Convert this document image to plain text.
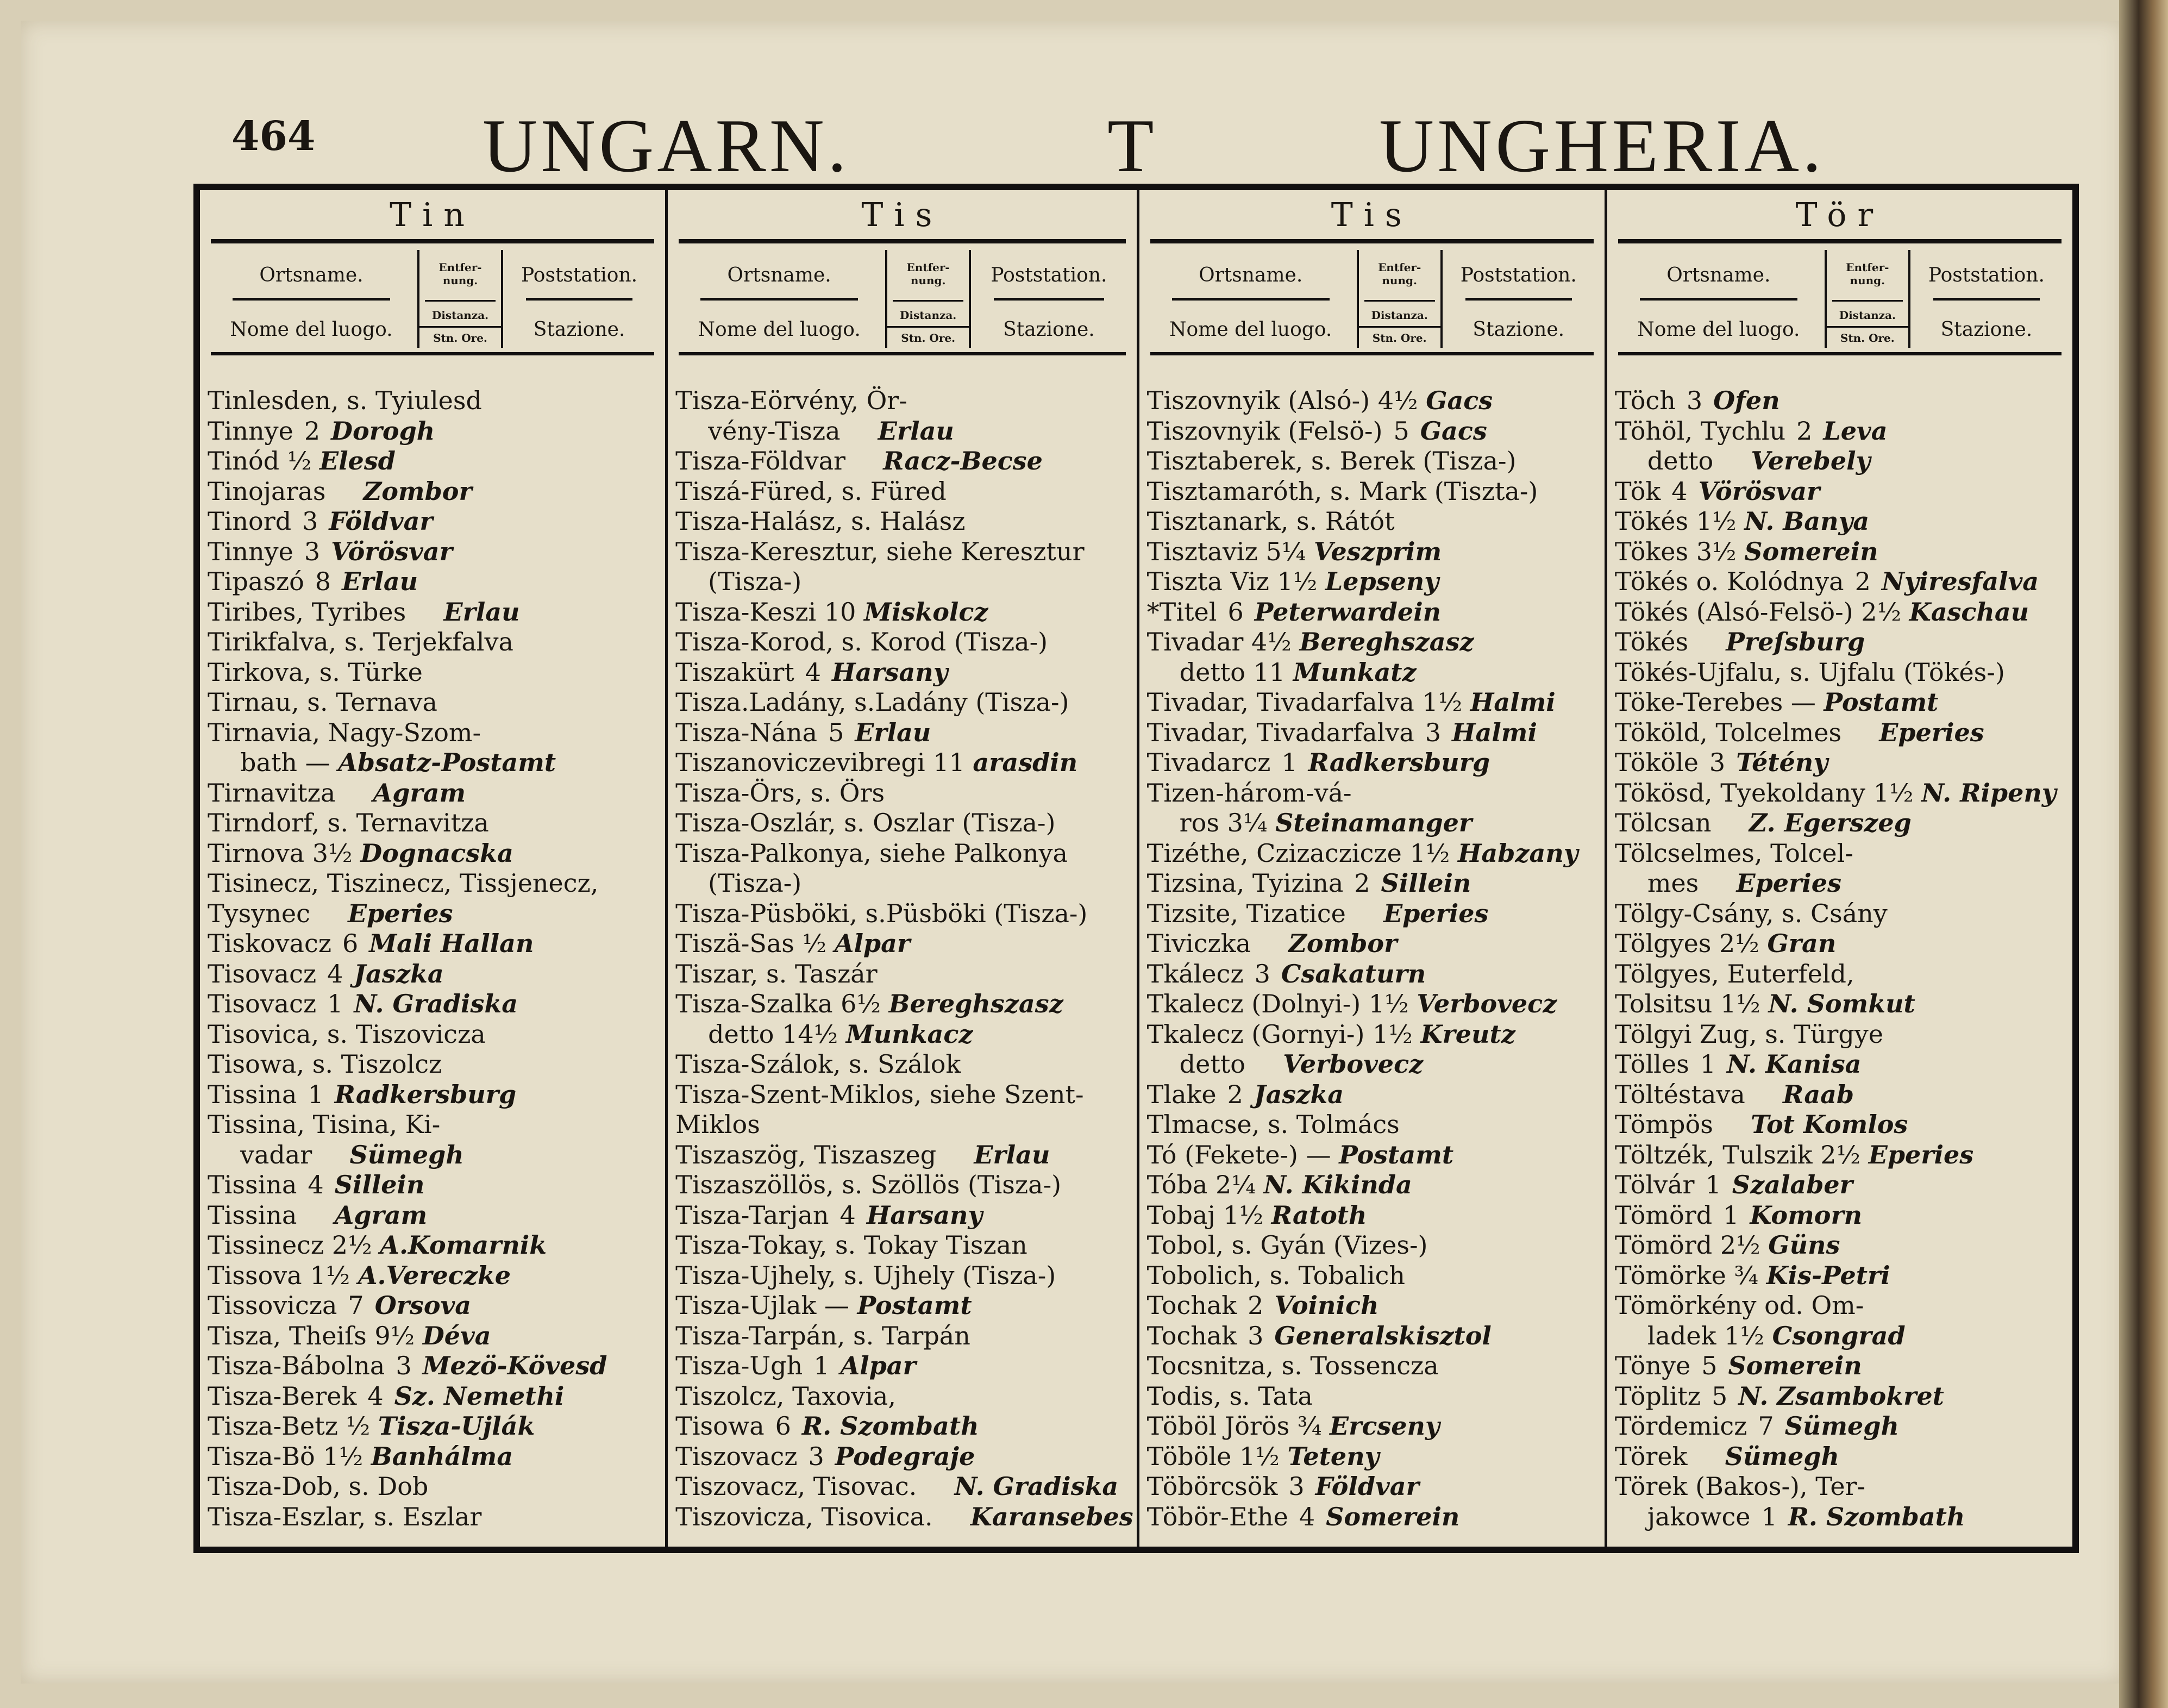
464 UNGARN.	T	UNGHERIA.
Tin
Ortsname.
Nome del luogo.
Entfer-
nung.
Distanza.
Stn. Ore.
Poststation.
Stazione.
Tinlesden, s. Tyiulesd
Tinnye 2 Dorogh
Tinód ½ Elesd
Tinojaras Zombor
Tinord 3 Földvar
Tinnye 3 Vörösvar
Tipaszó 8 Erlau
Tiribes, Tyribes Erlau
Tirikfalva, s. Terjekfalva
Tirkova, s. Türke
Tirnau, s. Ternava
Tirnavia, Nagy-Szom-
bath — Absatz-Postamt
Tirnavitza Agram
Tirndorf, s. Ternavitza
Tirnova 3½ Dognacska
Tisinecz, Tiszinecz, Tissjenecz,
Tysynec Eperies
Tiskovacz 6 Mali Hallan
Tisovacz 4 Jaszka
Tisovacz 1 N. Gradiska
Tisovica, s. Tiszovicza
Tisowa, s. Tiszolcz
Tissina 1 Radkersburg
Tissina, Tisina, Ki-
vadar Sümegh
Tissina 4 Sillein
Tissina Agram
Tissinecz 2½ A.Komarnik
Tissova 1½ A.Vereczke
Tissovicza 7 Orsova
Tisza, Theiſs 9½ Déva
Tisza-Bábolna 3 Mezö-Kövesd
Tisza-Berek 4 Sz. Nemethi
Tisza-Betz ½ Tisza-Ujlák
Tisza-Bö 1½ Banhálma
Tisza-Dob, s. Dob
Tisza-Eszlar, s. Eszlar
Tis
Ortsname.
Nome del luogo.
Entfer-
nung.
Distanza.
Stn. Ore.
Poststation.
Stazione.
Tisza-Eörvény, Ör-
vény-Tisza Erlau
Tisza-Földvar Racz-Becse
Tiszá-Füred, s. Füred
Tisza-Halász, s. Halász
Tisza-Keresztur, siehe Keresztur
(Tisza-)
Tisza-Keszi 10 Miskolcz
Tisza-Korod, s. Korod (Tisza-)
Tiszakürt 4 Harsany
Tisza.Ladány, s.Ladány (Tisza-)
Tisza-Nána 5 Erlau
Tiszanoviczevibregi 11 arasdin
Tisza-Örs, s. Örs
Tisza-Oszlár, s. Oszlar (Tisza-)
Tisza-Palkonya, siehe Palkonya
(Tisza-)
Tisza-Püsböki, s.Püsböki (Tisza-)
Tiszä-Sas ½ Alpar
Tiszar, s. Taszár
Tisza-Szalka 6½ Bereghszasz
detto 14½ Munkacz
Tisza-Szálok, s. Szálok
Tisza-Szent-Miklos, siehe Szent-
Miklos
Tiszaszög, Tiszaszeg Erlau
Tiszaszöllös, s. Szöllös (Tisza-)
Tisza-Tarjan 4 Harsany
Tisza-Tokay, s. Tokay Tiszan
Tisza-Ujhely, s. Ujhely (Tisza-)
Tisza-Ujlak — Postamt
Tisza-Tarpán, s. Tarpán
Tisza-Ugh 1 Alpar
Tiszolcz, Taxovia,
Tisowa 6 R. Szombath
Tiszovacz 3 Podegraje
Tiszovacz, Tisovac. N. Gradiska
Tiszovicza, Tisovica. Karansebes
Tis
Ortsname.
Nome del luogo.
Entfer-
nung.
Distanza.
Stn. Ore.
Poststation.
Stazione.
Tiszovnyik (Alsó-) 4½ Gacs
Tiszovnyik (Felsö-) 5 Gacs
Tisztaberek, s. Berek (Tisza-)
Tisztamaróth, s. Mark (Tiszta-)
Tisztanark, s. Rátót
Tisztaviz 5¼ Veszprim
Tiszta Viz 1½ Lepseny
*Titel 6 Peterwardein
Tivadar 4½ Bereghszasz
detto 11 Munkatz
Tivadar, Tivadarfalva 1½ Halmi
Tivadar, Tivadarfalva 3 Halmi
Tivadarcz 1 Radkersburg
Tizen-három-vá-
ros 3¼ Steinamanger
Tizéthe, Czizaczicze 1½ Habzany
Tizsina, Tyizina 2 Sillein
Tizsite, Tizatice Eperies
Tiviczka Zombor
Tkálecz 3 Csakaturn
Tkalecz (Dolnyi-) 1½ Verbovecz
Tkalecz (Gornyi-) 1½ Kreutz
detto Verbovecz
Tlake 2 Jaszka
Tlmacse, s. Tolmács
Tó (Fekete-) — Postamt
Tóba 2¼ N. Kikinda
Tobaj 1½ Ratoth
Tobol, s. Gyán (Vizes-)
Tobolich, s. Tobalich
Tochak 2 Voinich
Tochak 3 Generalskisztol
Tocsnitza, s. Tossencza
Todis, s. Tata
Töböl Jörös ¾ Ercseny
Töböle 1½ Teteny
Töbörcsök 3 Földvar
Töbör-Ethe 4 Somerein
Tör
Ortsname.
Nome del luogo.
Entfer-
nung.
Distanza.
Stn. Ore.
Poststation.
Stazione.
Töch 3 Ofen
Töhöl, Tychlu 2 Leva
detto Verebely
Tök 4 Vörösvar
Tökés 1½ N. Banya
Tökes 3½ Somerein
Tökés o. Kolódnya 2 Nyiresfalva
Tökés (Alsó-Felsö-) 2½ Kaschau
Tökés Preſsburg
Tökés-Ujfalu, s. Ujfalu (Tökés-)
Töke-Terebes — Postamt
Tököld, Tolcelmes Eperies
Tököle 3 Tétény
Tökösd, Tyekoldany 1½ N. Ripeny
Tölcsan Z. Egerszeg
Tölcselmes, Tolcel-
mes Eperies
Tölgy-Csány, s. Csány
Tölgyes 2½ Gran
Tölgyes, Euterfeld,
Tolsitsu 1½ N. Somkut
Tölgyi Zug, s. Türgye
Tölles 1 N. Kanisa
Töltéstava Raab
Tömpös Tot Komlos
Töltzék, Tulszik 2½ Eperies
Tölvár 1 Szalaber
Tömörd 1 Komorn
Tömörd 2½ Güns
Tömörke ¾ Kis-Petri
Tömörkény od. Om-
ladek 1½ Csongrad
Tönye 5 Somerein
Töplitz 5 N. Zsambokret
Tördemicz 7 Sümegh
Törek Sümegh
Törek (Bakos-), Ter-
jakowce 1 R. Szombath
